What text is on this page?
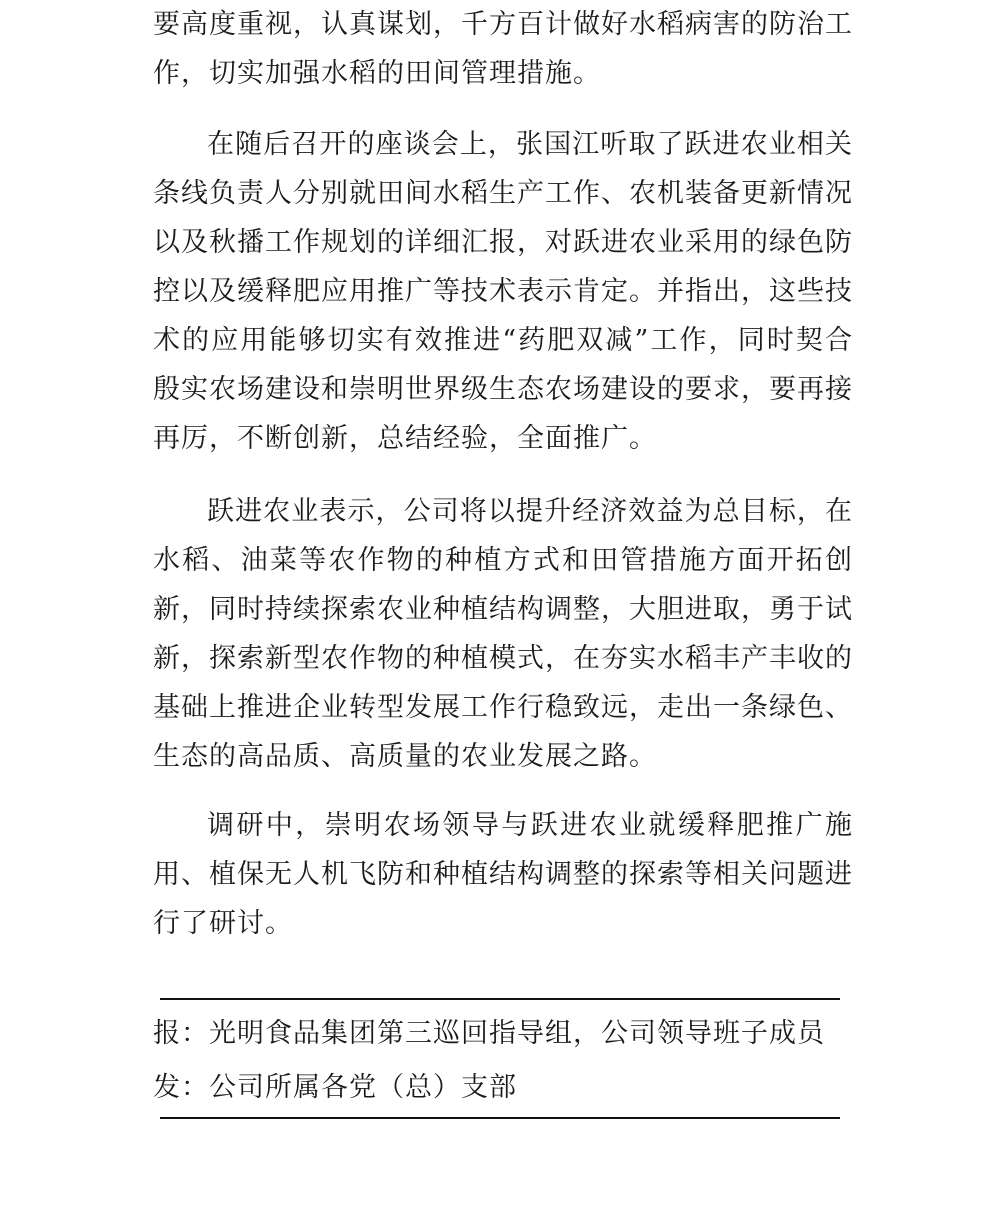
要高度重视，认真谋划，千方百计做好水稻病害的防治工作，切实加强水稻的田间管理措施。

在随后召开的座谈会上，张国江听取了跃进农业相关条线负责人分别就田间水稻生产工作、农机装备更新情况以及秋播工作规划的详细汇报，对跃进农业采用的绿色防控以及缓释肥应用推广等技术表示肯定。并指出，这些技术的应用能够切实有效推进“药肥双减”工作，同时契合殷实农场建设和崇明世界级生态农场建设的要求，要再接再厉，不断创新，总结经验，全面推广。

跃进农业表示，公司将以提升经济效益为总目标，在水稻、油菜等农作物的种植方式和田管措施方面开拓创新，同时持续探索农业种植结构调整，大胆进取，勇于试新，探索新型农作物的种植模式，在夯实水稻丰产丰收的基础上推进企业转型发展工作行稳致远，走出一条绿色、生态的高品质、高质量的农业发展之路。

调研中，崇明农场领导与跃进农业就缓释肥推广施用、植保无人机飞防和种植结构调整的探索等相关问题进行了研讨。

报：光明食品集团第三巡回指导组，公司领导班子成员
发：公司所属各党（总）支部
